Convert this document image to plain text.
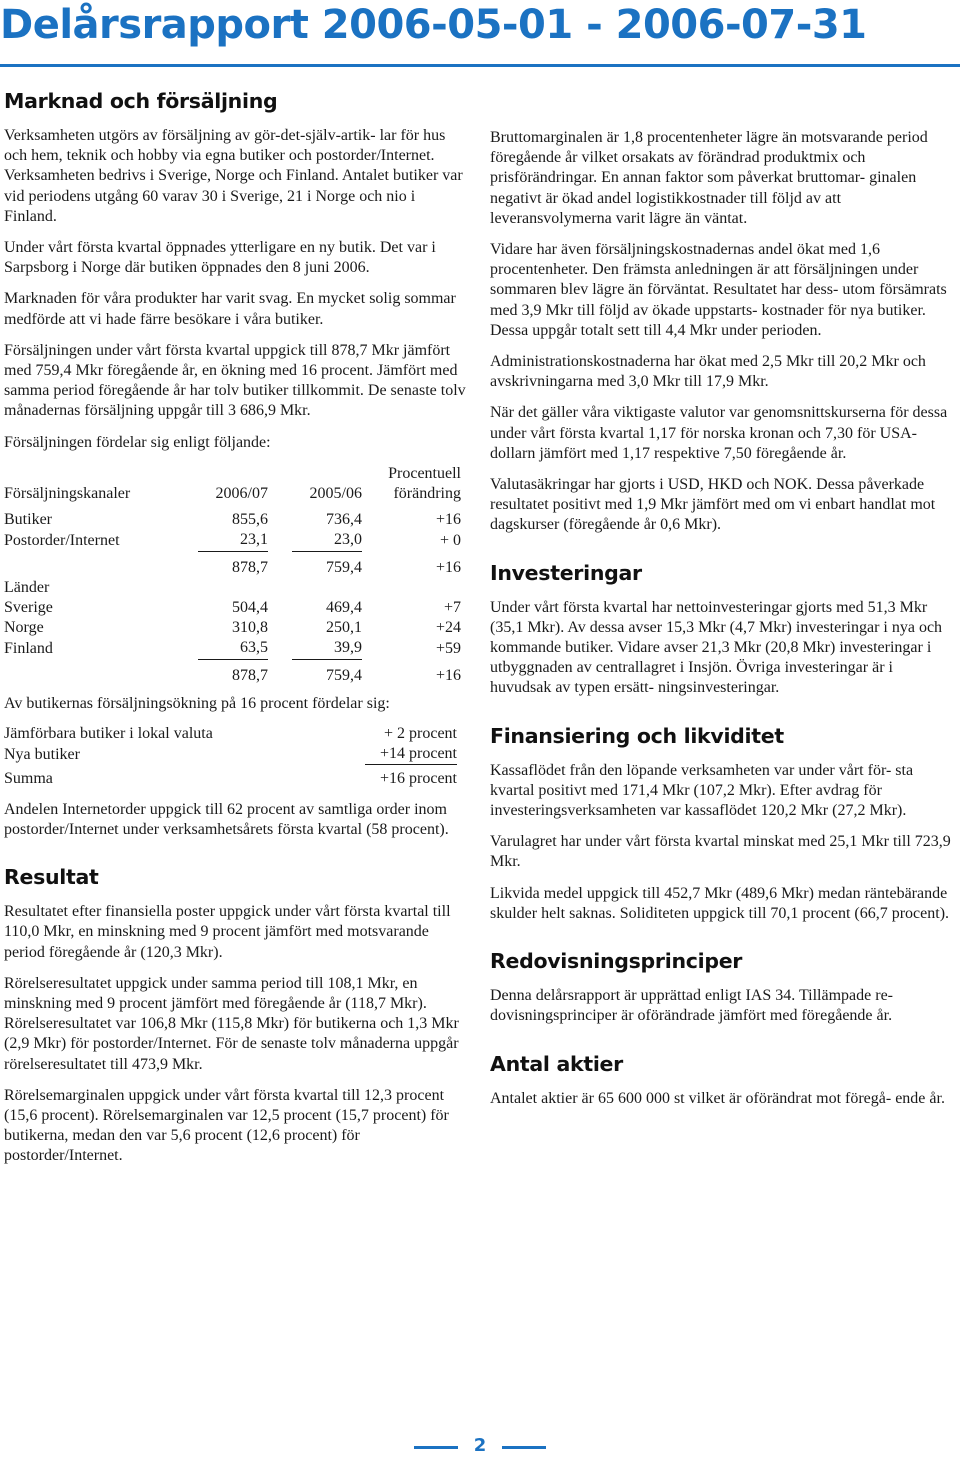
Delårsrapport 2006-05-01 - 2006-07-31
Marknad och försäljning

Verksamheten utgörs av försäljning av gör-det-själv-artik- lar för hus och hem, teknik och hobby via egna butiker och postorder/Internet. Verksamheten bedrivs i Sverige, Norge och Finland. Antalet butiker var vid periodens utgång 60 varav 30 i Sverige, 21 i Norge och nio i Finland.

Under vårt första kvartal öppnades ytterligare en ny butik. Det var i Sarpsborg i Norge där butiken öppnades den 8 juni 2006.

Marknaden för våra produkter har varit svag. En mycket solig sommar medförde att vi hade färre besökare i våra butiker.

Försäljningen under vårt första kvartal uppgick till 878,7 Mkr jämfört med 759,4 Mkr föregående år, en ökning med 16 procent. Jämfört med samma period föregående år har tolv butiker tillkommit. De senaste tolv månadernas försäljning uppgår till 3 686,9 Mkr.

Försäljningen fördelar sig enligt följande:

			Procentuell
Försäljningskanaler	2006/07	2005/06	förändring

Butiker	855,6	736,4	+16
Postorder/Internet	23,1	23,0	+ 0

	878,7	759,4	+16
Länder			
Sverige	504,4	469,4	+7
Norge	310,8	250,1	+24
Finland	63,5	39,9	+59

	878,7	759,4	+16

Av butikernas försäljningsökning på 16 procent fördelar sig:

Jämförbara butiker i lokal valuta	+ 2 procent
Nya butiker	+14 procent

Summa	+16 procent

Andelen Internetorder uppgick till 62 procent av samtliga order inom postorder/Internet under verksamhetsårets första kvartal (58 procent).

Resultat

Resultatet efter finansiella poster uppgick under vårt första kvartal till 110,0 Mkr, en minskning med 9 procent jämfört med motsvarande period föregående år (120,3 Mkr).

Rörelseresultatet uppgick under samma period till 108,1 Mkr, en minskning med 9 procent jämfört med föregående år (118,7 Mkr). Rörelseresultatet var 106,8 Mkr (115,8 Mkr) för butikerna och 1,3 Mkr (2,9 Mkr) för postorder/Internet. För de senaste tolv månaderna uppgår rörelseresultatet till 473,9 Mkr.

Rörelsemarginalen uppgick under vårt första kvartal till 12,3 procent (15,6 procent). Rörelsemarginalen var 12,5 procent (15,7 procent) för butikerna, medan den var 5,6 procent (12,6 procent) för postorder/Internet.

Bruttomarginalen är 1,8 procentenheter lägre än motsvarande period föregående år vilket orsakats av förändrad produktmix och prisförändringar. En annan faktor som påverkat bruttomar- ginalen negativt är ökad andel logistikkostnader till följd av att leveransvolymerna varit lägre än väntat.

Vidare har även försäljningskostnadernas andel ökat med 1,6 procentenheter. Den främsta anledningen är att försäljningen under sommaren blev lägre än förväntat. Resultatet har dess- utom försämrats med 3,9 Mkr till följd av ökade uppstarts- kostnader för nya butiker. Dessa uppgår totalt sett till 4,4 Mkr under perioden.

Administrationskostnaderna har ökat med 2,5 Mkr till 20,2 Mkr och avskrivningarna med 3,0 Mkr till 17,9 Mkr.

När det gäller våra viktigaste valutor var genomsnittskurserna för dessa under vårt första kvartal 1,17 för norska kronan och 7,30 för USA-dollarn jämfört med 1,17 respektive 7,50 föregående år.

Valutasäkringar har gjorts i USD, HKD och NOK. Dessa påverkade resultatet positivt med 1,9 Mkr jämfört med om vi enbart handlat mot dagskurser (föregående år 0,6 Mkr).

Investeringar

Under vårt första kvartal har nettoinvesteringar gjorts med 51,3 Mkr (35,1 Mkr). Av dessa avser 15,3 Mkr (4,7 Mkr) investeringar i nya och kommande butiker. Vidare avser 21,3 Mkr (20,8 Mkr) investeringar i utbyggnaden av centrallagret i Insjön. Övriga investeringar är i huvudsak av typen ersätt- ningsinvesteringar.

Finansiering och likviditet

Kassaflödet från den löpande verksamheten var under vårt för- sta kvartal positivt med 171,4 Mkr (107,2 Mkr). Efter avdrag för investeringsverksamheten var kassaflödet 120,2 Mkr (27,2 Mkr).

Varulagret har under vårt första kvartal minskat med 25,1 Mkr till 723,9 Mkr.

Likvida medel uppgick till 452,7 Mkr (489,6 Mkr) medan räntebärande skulder helt saknas. Soliditeten uppgick till 70,1 procent (66,7 procent).

Redovisningsprinciper

Denna delårsrapport är upprättad enligt IAS 34. Tillämpade re- dovisningsprinciper är oförändrade jämfört med föregående år.

Antal aktier

Antalet aktier är 65 600 000 st vilket är oförändrat mot föregå- ende år.

2
